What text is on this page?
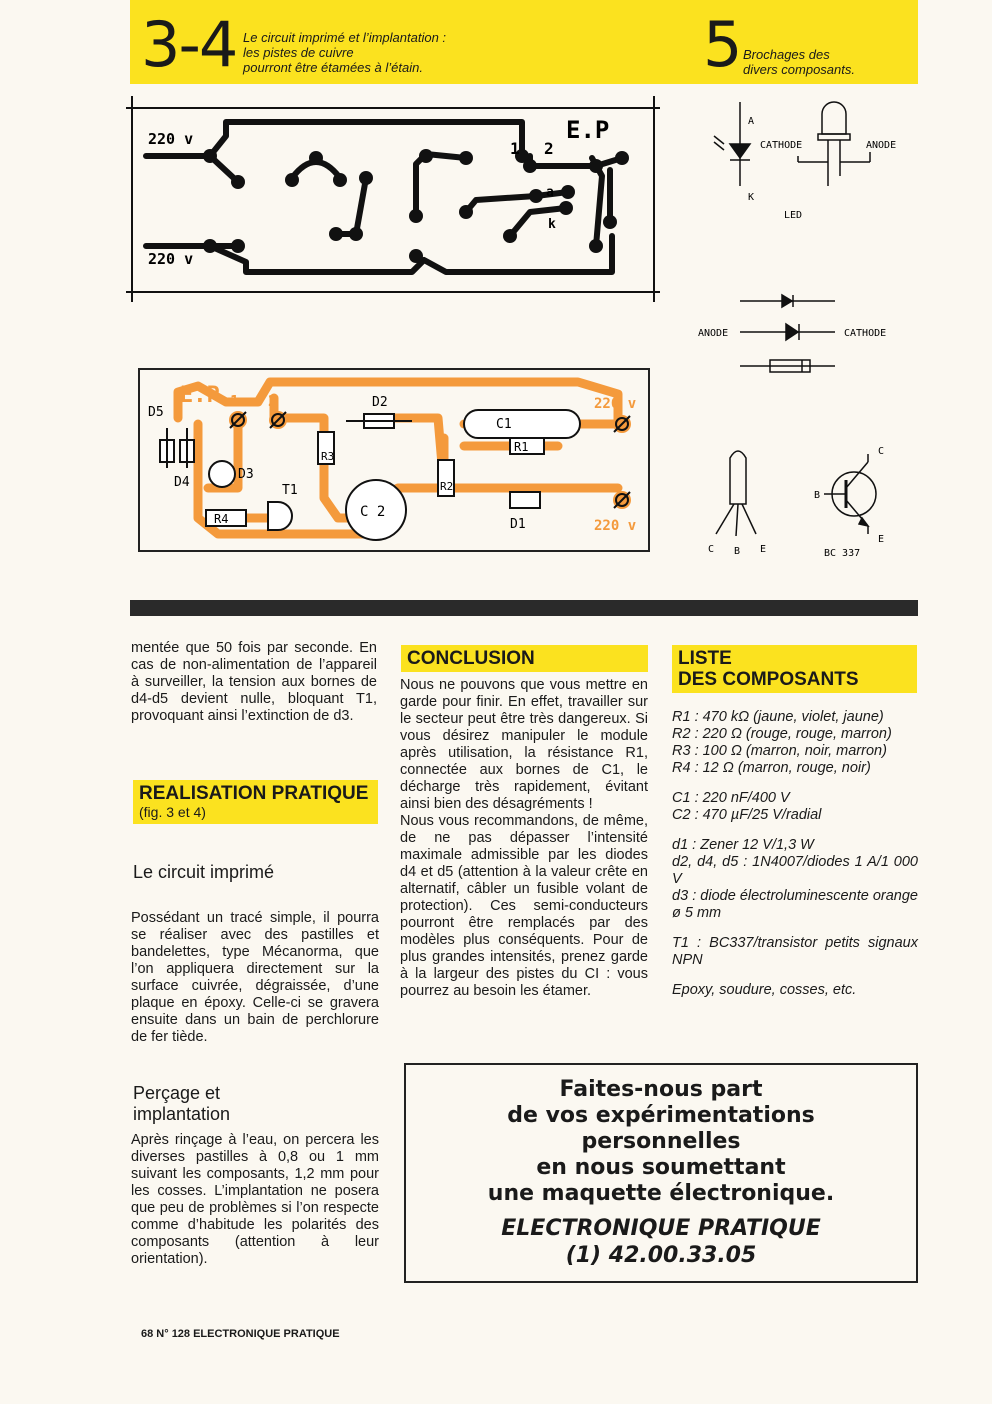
3-4 Le circuit imprimé et l’implantation :
les pistes de cuivre
pourront être étamées à l’étain.	5 Brochages des
divers composants.
220 v
220 v
E.P
1 2
a
k
E.P 1 2
D5
D4
D3
T1
R4
R3
D2
C1
R1
R2
C 2
D1
220 v
220 v
A
K
CATHODE	ANODE
LED
ANODE	CATHODE
C B E
C
B
E
BC 337

mentée que 50 fois par seconde. En cas de non-alimentation de l’appareil à surveiller, la tension aux bornes de d4-d5 devient nulle, bloquant T1, provoquant ainsi l’extinction de d3.

REALISATION PRATIQUE
(fig. 3 et 4)
Le circuit imprimé
Possédant un tracé simple, il pourra se réaliser avec des pastilles et bandelettes, type Mécanorma, que l’on appliquera directement sur la surface cuivrée, dégraissée, d’une plaque en époxy. Celle-ci se gravera ensuite dans un bain de perchlorure de fer tiède.
Perçage et implantation
Après rinçage à l’eau, on percera les diverses pastilles à 0,8 ou 1 mm suivant les composants, 1,2 mm pour les cosses. L’implantation ne posera que peu de problèmes si l’on respecte comme d’habitude les polarités des composants (attention à leur orientation).
CONCLUSION

Nous ne pouvons que vous mettre en garde pour finir. En effet, travailler sur le secteur peut être très dangereux. Si vous désirez manipuler le module après utilisation, la résistance R1, connectée aux bornes de C1, le décharge très rapidement, évitant ainsi bien des désagréments !

Nous vous recommandons, de même, de ne pas dépasser l’intensité maximale admissible par les diodes d4 et d5 (attention à la valeur crête en alternatif, câbler un fusible volant de protection). Ces semi-conducteurs pourront être remplacés par des modèles plus conséquents. Pour de plus grandes intensités, prenez garde à la largeur des pistes du CI : vous pourrez au besoin les étamer.

LISTE
DES COMPOSANTS

R1 : 470 kΩ (jaune, violet, jaune)

R2 : 220 Ω (rouge, rouge, marron)

R3 : 100 Ω (marron, noir, marron)

R4 : 12 Ω (marron, rouge, noir)

C1 : 220 nF/400 V

C2 : 470 µF/25 V/radial

d1 : Zener 12 V/1,3 W

d2, d4, d5 : 1N4007/diodes 1 A/1 000 V

d3 : diode électroluminescente orange ø 5 mm

T1 : BC337/transistor petits signaux NPN

Epoxy, soudure, cosses, etc.

Faites-nous part
de vos expérimentations
personnelles
en nous soumettant
une maquette électronique.
ELECTRONIQUE PRATIQUE
(1) 42.00.33.05
68 N° 128 ELECTRONIQUE PRATIQUE
